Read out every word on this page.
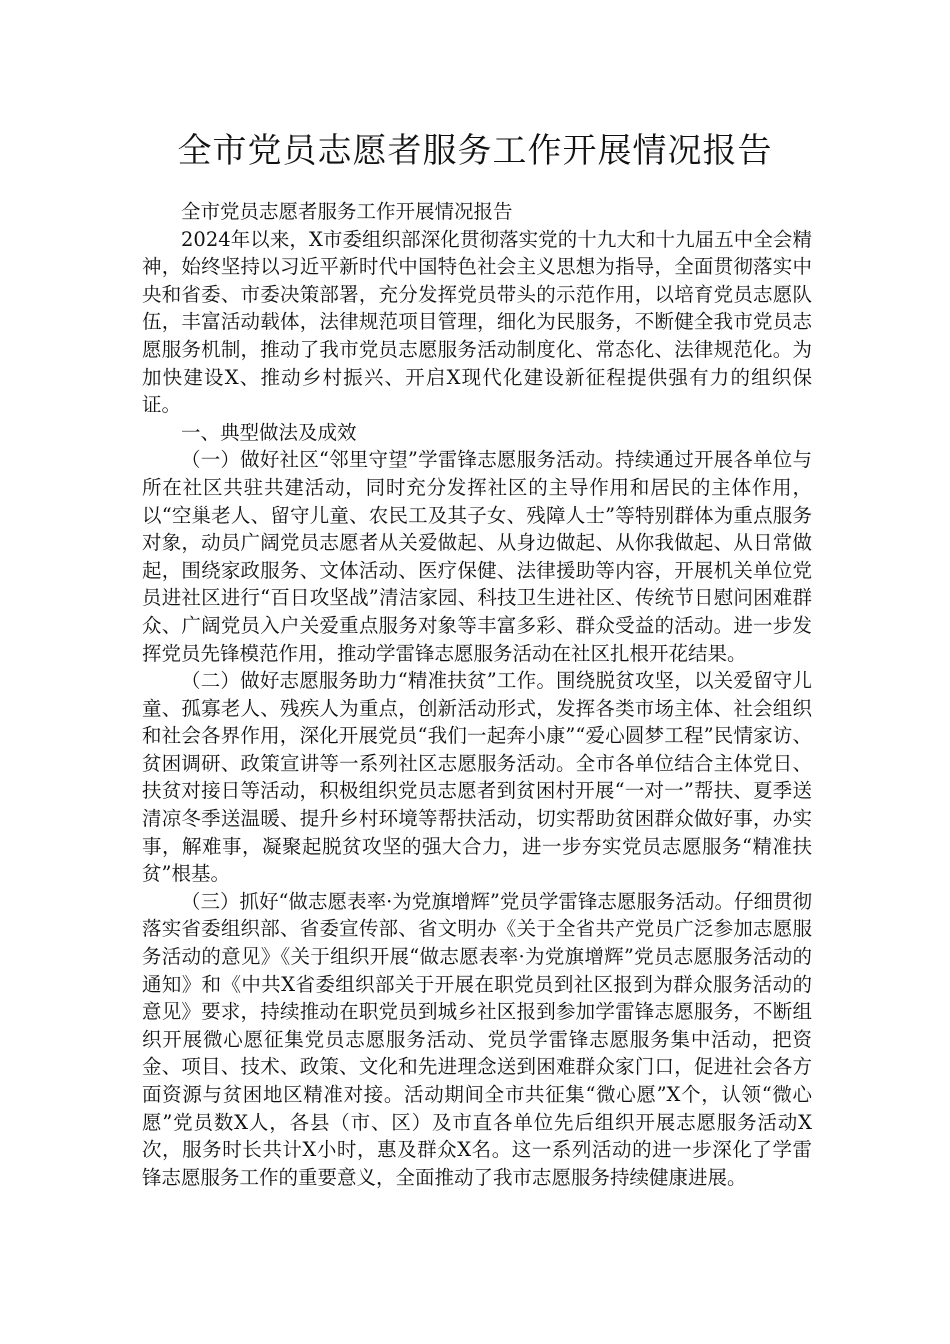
全市党员志愿者服务工作开展情况报告

全市党员志愿者服务工作开展情况报告

2024年以来，X市委组织部深化贯彻落实党的十九大和十九届五中全会精神，始终坚持以习近平新时代中国特色社会主义思想为指导，全面贯彻落实中央和省委、市委决策部署，充分发挥党员带头的示范作用，以培育党员志愿队伍，丰富活动载体，法律规范项目管理，细化为民服务，不断健全我市党员志愿服务机制，推动了我市党员志愿服务活动制度化、常态化、法律规范化。为加快建设X、推动乡村振兴、开启X现代化建设新征程提供强有力的组织保证。

一、典型做法及成效

（一）做好社区“邻里守望”学雷锋志愿服务活动。持续通过开展各单位与所在社区共驻共建活动，同时充分发挥社区的主导作用和居民的主体作用，以“空巢老人、留守儿童、农民工及其子女、残障人士”等特别群体为重点服务对象，动员广阔党员志愿者从关爱做起、从身边做起、从你我做起、从日常做起，围绕家政服务、文体活动、医疗保健、法律援助等内容，开展机关单位党员进社区进行“百日攻坚战”清洁家园、科技卫生进社区、传统节日慰问困难群众、广阔党员入户关爱重点服务对象等丰富多彩、群众受益的活动。进一步发挥党员先锋模范作用，推动学雷锋志愿服务活动在社区扎根开花结果。

（二）做好志愿服务助力“精准扶贫”工作。围绕脱贫攻坚，以关爱留守儿童、孤寡老人、残疾人为重点，创新活动形式，发挥各类市场主体、社会组织和社会各界作用，深化开展党员“我们一起奔小康”“爱心圆梦工程”民情家访、贫困调研、政策宣讲等一系列社区志愿服务活动。全市各单位结合主体党日、扶贫对接日等活动，积极组织党员志愿者到贫困村开展“一对一”帮扶、夏季送清凉冬季送温暖、提升乡村环境等帮扶活动，切实帮助贫困群众做好事，办实事，解难事，凝聚起脱贫攻坚的强大合力，进一步夯实党员志愿服务“精准扶贫”根基。

（三）抓好“做志愿表率·为党旗增辉”党员学雷锋志愿服务活动。仔细贯彻落实省委组织部、省委宣传部、省文明办《关于全省共产党员广泛参加志愿服务活动的意见》《关于组织开展“做志愿表率·为党旗增辉”党员志愿服务活动的通知》和《中共X省委组织部关于开展在职党员到社区报到为群众服务活动的意见》要求，持续推动在职党员到城乡社区报到参加学雷锋志愿服务，不断组织开展微心愿征集党员志愿服务活动、党员学雷锋志愿服务集中活动，把资金、项目、技术、政策、文化和先进理念送到困难群众家门口，促进社会各方面资源与贫困地区精准对接。活动期间全市共征集“微心愿”X个，认领“微心愿”党员数X人，各县（市、区）及市直各单位先后组织开展志愿服务活动X次，服务时长共计X小时，惠及群众X名。这一系列活动的进一步深化了学雷锋志愿服务工作的重要意义，全面推动了我市志愿服务持续健康进展。
